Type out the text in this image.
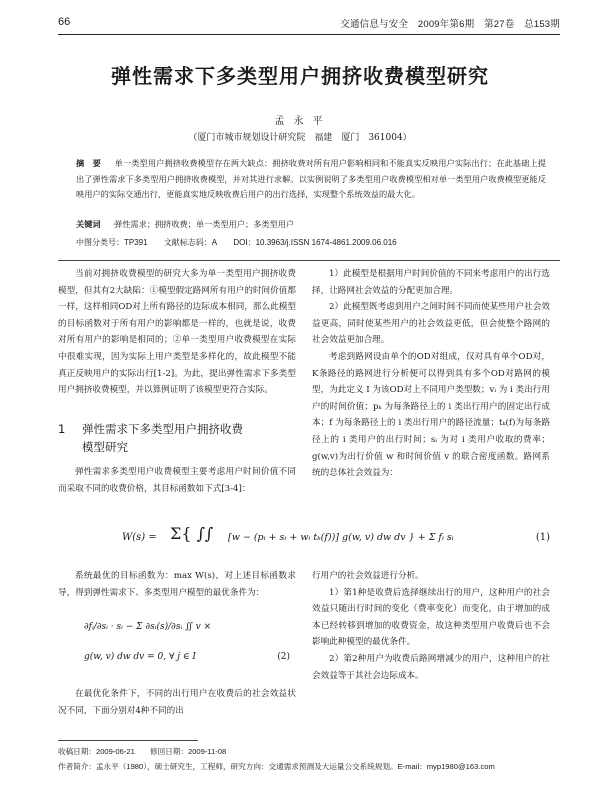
66	交通信息与安全　2009年第6期　第27卷　总153期
弹性需求下多类型用户拥挤收费模型研究
孟 永 平
（厦门市城市规划设计研究院　福建　厦门　361004）
摘　要 　 单一类型用户拥挤收费模型存在两大缺点：拥挤收费对所有用户影响相同和不能真实反映用户实际出行；在此基础上提出了弹性需求下多类型用户拥挤收费模型，并对其进行求解。以实例说明了多类型用户收费模型相对单一类型用户收费模型更能反映用户的实际交通出行，更能真实地反映收费后用户的出行选择，实现整个系统效益的最大化。
关键词 　 弹性需求；拥挤收费；单一类型用户；多类型用户
中图分类号：TP391 文献标志码：A DOI：10.3963/j.ISSN 1674-4861.2009.06.016

当前对拥挤收费模型的研究大多为单一类型用户拥挤收费模型，但其有2大缺陷：①模型假定路网所有用户的时间价值都一样，这样相同OD对上所有路径的边际成本相同，那么此模型的目标函数对于所有用户的影响都是一样的，也就是说，收费对所有用户的影响是相同的；②单一类型用户收费模型在实际中很难实现，因为实际上用户类型是多样化的，故此模型不能真正反映用户的实际出行[1-2]。为此，提出弹性需求下多类型用户拥挤收费模型，并以算例证明了该模型更符合实际。

1）此模型是根据用户时间价值的不同来考虑用户的出行选择，让路网社会效益的分配更加合理。

2）此模型既考虑到用户之间时间不同而使某些用户社会效益更高，同时使某些用户的社会效益更低，但会使整个路网的社会效益更加合理。

考虑到路网设由单个的OD对组成，仅对具有单个OD对，K条路径的路网进行分析便可以得到具有多个OD对路网的模型，为此定义 I 为该OD对上不同用户类型数；vᵢ 为 i 类出行用户的时间价值；pₖ 为每条路径上的 i 类出行用户的固定出行成本；f 为每条路径上的 i 类出行用户的路径流量；tₖ(f)为每条路径上的 i 类用户的出行时间；sᵢ 为对 i 类用户收取的费率；g(w,v)为出行价值 w 和时间价值 v 的联合密度函数。路网系统的总体社会效益为：

1 弹性需求下多类型用户拥挤收费
模型研究

弹性需求多类型用户收费模型主要考虑用户时间价值不同而采取不同的收费价格，其目标函数如下式[3-4]：

W(s) = Σ{ ∫∫ [w − (pᵢ + sᵢ + wᵢ tₖ(f))] g(w, v) dw dv } + Σ fᵢ sᵢ	(1)

系统最优的目标函数为：max W(s)，对上述目标函数求导，得到弹性需求下、多类型用户模型的最优条件为：

∂fᵢ/∂sᵢ · sᵢ − Σ ∂sᵢ(s)/∂sᵢ ∬ v ×
g(w, v) dw dv = 0, ∀ j ∈ I	(2)

在最优化条件下，不同的出行用户在收费后的社会效益状况不同，下面分别对4种不同的出

行用户的社会效益进行分析。

1）第1种是收费后选择继续出行的用户，这种用户的社会效益只随出行时间的变化（费率变化）而变化，由于增加的成本已经转移到增加的收费资金，故这种类型用户收费后也不会影响此种模型的最优条件。

2）第2种用户为收费后路网增减少的用户，这种用户的社会效益等于其社会边际成本。

收稿日期：2009-06-21　　修回日期：2009-11-08
作者简介：孟永平（1980），硕士研究生，工程师，研究方向：交通需求预测及大运量公交系统规划。E-mail：myp1980@163.com
